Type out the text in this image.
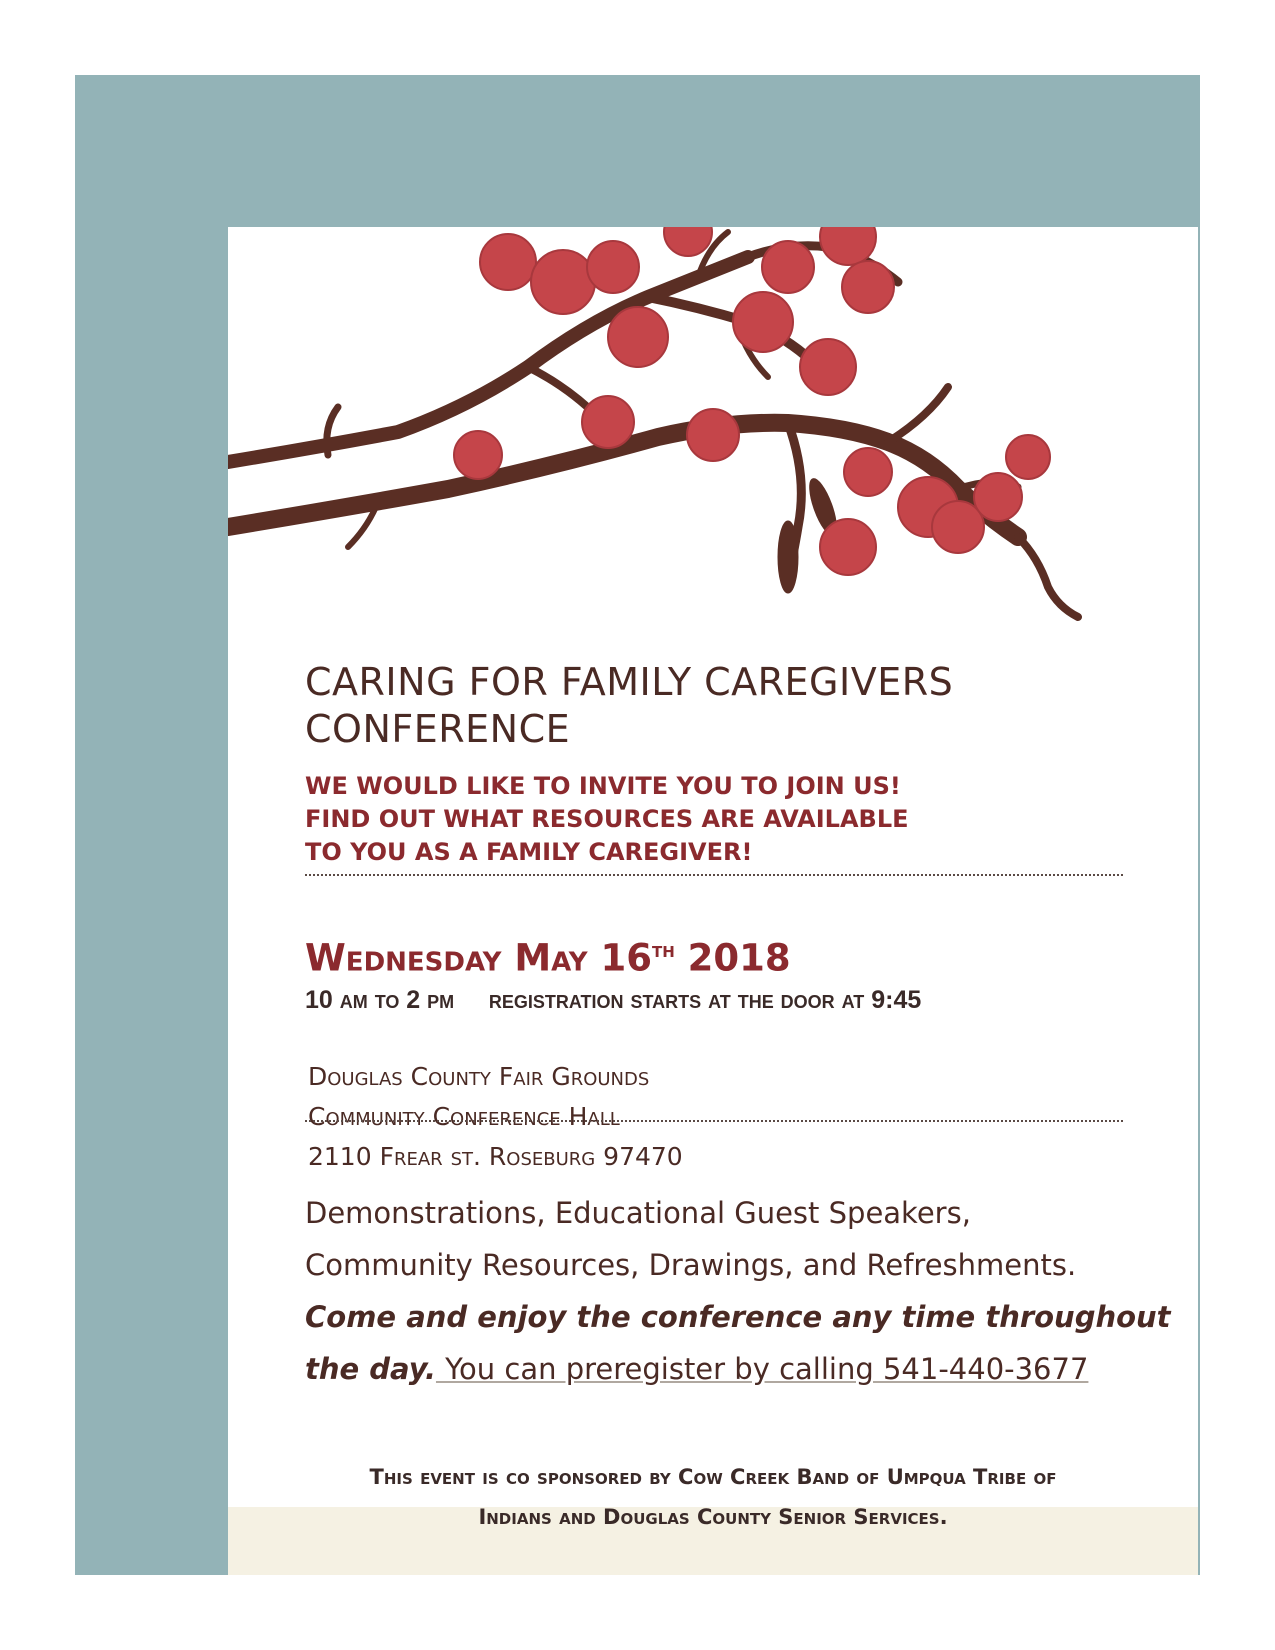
CARING FOR FAMILY CAREGIVERS
CONFERENCE
WE WOULD LIKE TO INVITE YOU TO JOIN US!
FIND OUT WHAT RESOURCES ARE AVAILABLE
TO YOU AS A FAMILY CAREGIVER!
Wednesday May 16th 2018
10 am to 2 pm     registration starts at the door at 9:45
Douglas County Fair Grounds
Community Conference Hall
2110 Frear st. Roseburg 97470
Demonstrations, Educational Guest Speakers,
Community Resources, Drawings, and Refreshments.
Come and enjoy the conference any time throughout the day. You can preregister by calling 541-440-3677
This event is co sponsored by Cow Creek Band of Umpqua Tribe of
Indians and Douglas County Senior Services.
